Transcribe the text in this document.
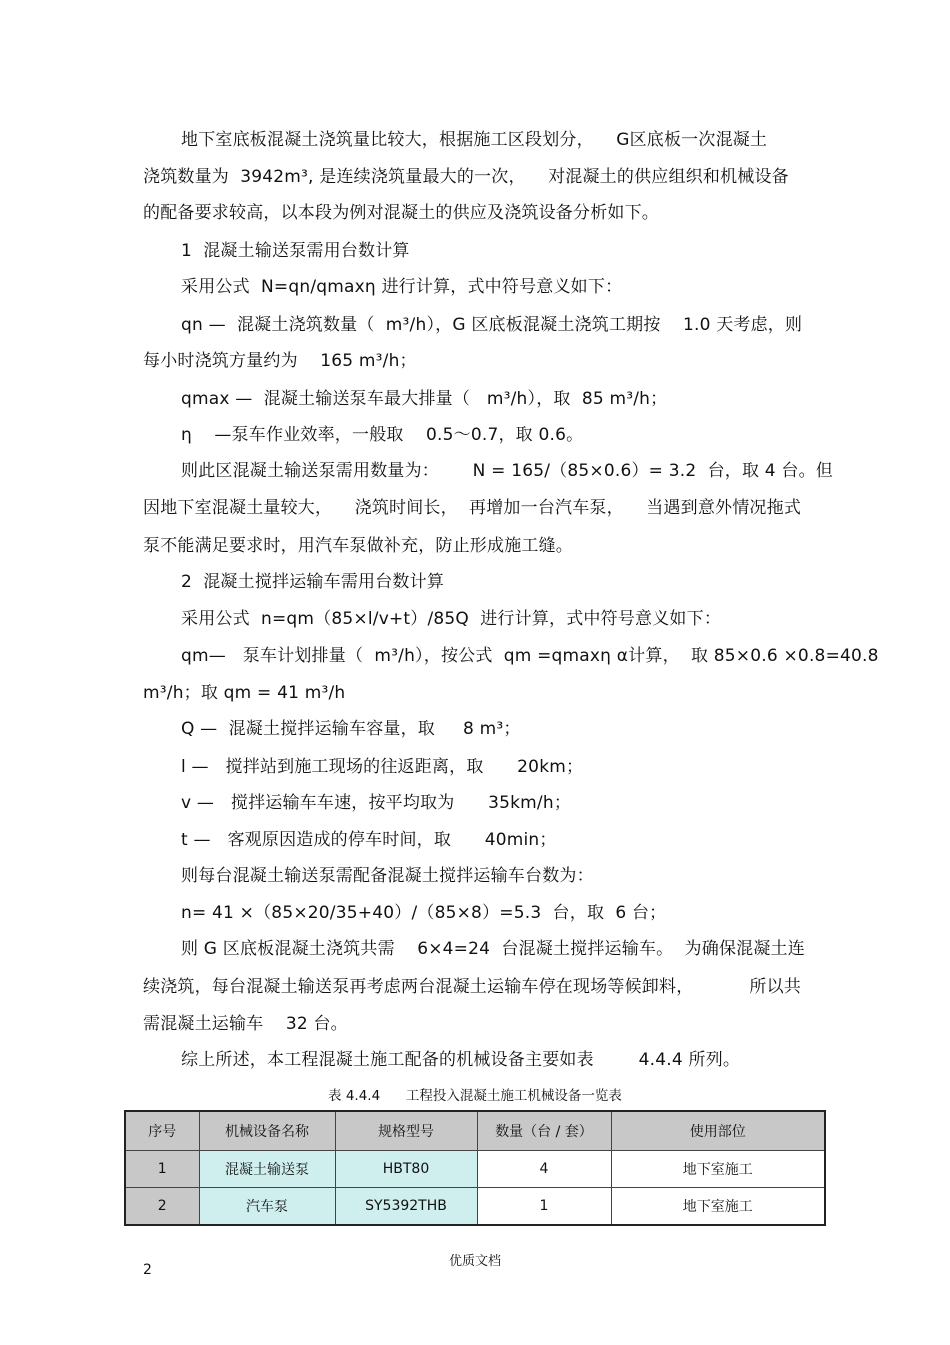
地下室底板混凝土浇筑量比较大，根据施工区段划分，    G区底板一次混凝土
浇筑数量为  3942m³, 是连续浇筑量最大的一次，    对混凝土的供应组织和机械设备
的配备要求较高，以本段为例对混凝土的供应及浇筑设备分析如下。
1  混凝土输送泵需用台数计算
采用公式  N=qn/qmaxη 进行计算，式中符号意义如下：
qn —  混凝土浇筑数量（  m³/h），G 区底板混凝土浇筑工期按    1.0 天考虑，则
每小时浇筑方量约为    165 m³/h；
qmax —  混凝土输送泵车最大排量（   m³/h），取  85 m³/h；
η    —泵车作业效率，一般取    0.5～0.7，取 0.6。
则此区混凝土输送泵需用数量为：      N = 165/（85×0.6）= 3.2  台，取 4 台。但
因地下室混凝土量较大，    浇筑时间长，  再增加一台汽车泵，    当遇到意外情况拖式
泵不能满足要求时，用汽车泵做补充，防止形成施工缝。
2  混凝土搅拌运输车需用台数计算
采用公式  n=qm（85×l/v+t）/85Q  进行计算，式中符号意义如下：
qm—   泵车计划排量（  m³/h），按公式  qm =qmaxη α计算，  取 85×0.6 ×0.8=40.8
m³/h；取 qm = 41 m³/h
Q —  混凝土搅拌运输车容量，取     8 m³；
l —   搅拌站到施工现场的往返距离，取      20km；
v —   搅拌运输车车速，按平均取为      35km/h；
t —   客观原因造成的停车时间，取      40min；
则每台混凝土输送泵需配备混凝土搅拌运输车台数为：
n= 41 ×（85×20/35+40）/（85×8）=5.3  台，取  6 台；
则 G 区底板混凝土浇筑共需    6×4=24  台混凝土搅拌运输车。  为确保混凝土连
续浇筑，每台混凝土输送泵再考虑两台混凝土运输车停在现场等候卸料，          所以共
需混凝土运输车    32 台。
综上所述，本工程混凝土施工配备的机械设备主要如表        4.4.4 所列。
表 4.4.4      工程投入混凝土施工机械设备一览表
序号	机械设备名称	规格型号	数量（台 / 套）	使用部位
1	混凝土输送泵	HBT80	4	地下室施工
2	汽车泵	SY5392THB	1	地下室施工
2
优质文档
